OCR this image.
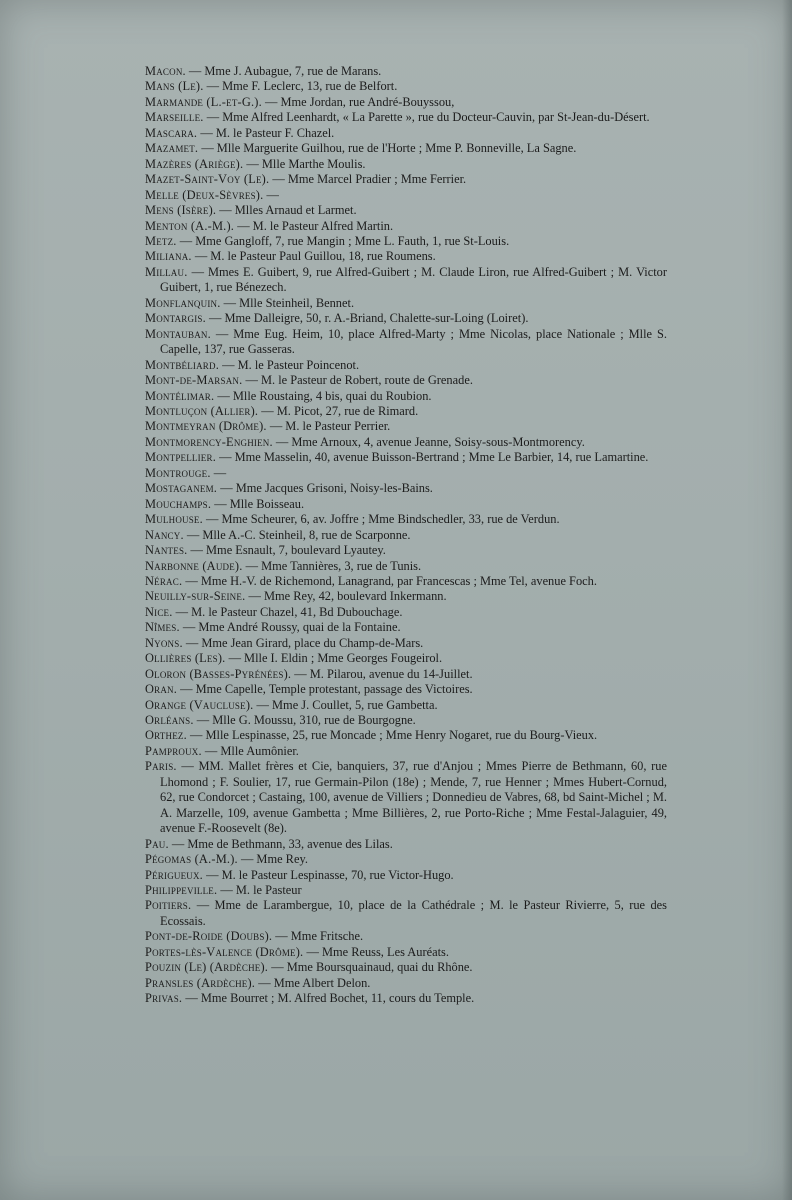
Macon. — Mme J. Aubague, 7, rue de Marans.
Mans (Le). — Mme F. Leclerc, 13, rue de Belfort.
Marmande (L.-et-G.). — Mme Jordan, rue André-Bouyssou,
Marseille. — Mme Alfred Leenhardt, « La Parette », rue du Docteur-Cauvin, par St-Jean-du-Désert.
Mascara. — M. le Pasteur F. Chazel.
Mazamet. — Mlle Marguerite Guilhou, rue de l'Horte ; Mme P. Bonneville, La Sagne.
Mazères (Ariège). — Mlle Marthe Moulis.
Mazet-Saint-Voy (Le). — Mme Marcel Pradier ; Mme Ferrier.
Melle (Deux-Sèvres). —
Mens (Isère). — Mlles Arnaud et Larmet.
Menton (A.-M.). — M. le Pasteur Alfred Martin.
Metz. — Mme Gangloff, 7, rue Mangin ; Mme L. Fauth, 1, rue St-Louis.
Miliana. — M. le Pasteur Paul Guillou, 18, rue Roumens.
Millau. — Mmes E. Guibert, 9, rue Alfred-Guibert ; M. Claude Liron, rue Alfred-Guibert ; M. Victor Guibert, 1, rue Bénezech.
Monflanquin. — Mlle Steinheil, Bennet.
Montargis. — Mme Dalleigre, 50, r. A.-Briand, Chalette-sur-Loing (Loiret).
Montauban. — Mme Eug. Heim, 10, place Alfred-Marty ; Mme Nicolas, place Nationale ; Mlle S. Capelle, 137, rue Gasseras.
Montbéliard. — M. le Pasteur Poincenot.
Mont-de-Marsan. — M. le Pasteur de Robert, route de Grenade.
Montélimar. — Mlle Roustaing, 4 bis, quai du Roubion.
Montluçon (Allier). — M. Picot, 27, rue de Rimard.
Montmeyran (Drôme). — M. le Pasteur Perrier.
Montmorency-Enghien. — Mme Arnoux, 4, avenue Jeanne, Soisy-sous-Montmorency.
Montpellier. — Mme Masselin, 40, avenue Buisson-Bertrand ; Mme Le Barbier, 14, rue Lamartine.
Montrouge. —
Mostaganem. — Mme Jacques Grisoni, Noisy-les-Bains.
Mouchamps. — Mlle Boisseau.
Mulhouse. — Mme Scheurer, 6, av. Joffre ; Mme Bindschedler, 33, rue de Verdun.
Nancy. — Mlle A.-C. Steinheil, 8, rue de Scarponne.
Nantes. — Mme Esnault, 7, boulevard Lyautey.
Narbonne (Aude). — Mme Tannières, 3, rue de Tunis.
Nérac. — Mme H.-V. de Richemond, Lanagrand, par Francescas ; Mme Tel, avenue Foch.
Neuilly-sur-Seine. — Mme Rey, 42, boulevard Inkermann.
Nice. — M. le Pasteur Chazel, 41, Bd Dubouchage.
Nîmes. — Mme André Roussy, quai de la Fontaine.
Nyons. — Mme Jean Girard, place du Champ-de-Mars.
Ollières (Les). — Mlle I. Eldin ; Mme Georges Fougeirol.
Oloron (Basses-Pyrénées). — M. Pilarou, avenue du 14-Juillet.
Oran. — Mme Capelle, Temple protestant, passage des Victoires.
Orange (Vaucluse). — Mme J. Coullet, 5, rue Gambetta.
Orléans. — Mlle G. Moussu, 310, rue de Bourgogne.
Orthez. — Mlle Lespinasse, 25, rue Moncade ; Mme Henry Nogaret, rue du Bourg-Vieux.
Pamproux. — Mlle Aumônier.
Paris. — MM. Mallet frères et Cie, banquiers, 37, rue d'Anjou ; Mmes Pierre de Bethmann, 60, rue Lhomond ; F. Soulier, 17, rue Germain-Pilon (18e) ; Mende, 7, rue Henner ; Mmes Hubert-Cornud, 62, rue Condorcet ; Castaing, 100, avenue de Villiers ; Donnedieu de Vabres, 68, bd Saint-Michel ; M. A. Marzelle, 109, avenue Gambetta ; Mme Billières, 2, rue Porto-Riche ; Mme Festal-Jalaguier, 49, avenue F.-Roosevelt (8e).
Pau. — Mme de Bethmann, 33, avenue des Lilas.
Pégomas (A.-M.). — Mme Rey.
Périgueux. — M. le Pasteur Lespinasse, 70, rue Victor-Hugo.
Philippeville. — M. le Pasteur
Poitiers. — Mme de Larambergue, 10, place de la Cathédrale ; M. le Pasteur Rivierre, 5, rue des Ecossais.
Pont-de-Roide (Doubs). — Mme Fritsche.
Portes-lès-Valence (Drôme). — Mme Reuss, Les Auréats.
Pouzin (Le) (Ardèche). — Mme Boursquainaud, quai du Rhône.
Pransles (Ardèche). — Mme Albert Delon.
Privas. — Mme Bourret ; M. Alfred Bochet, 11, cours du Temple.
